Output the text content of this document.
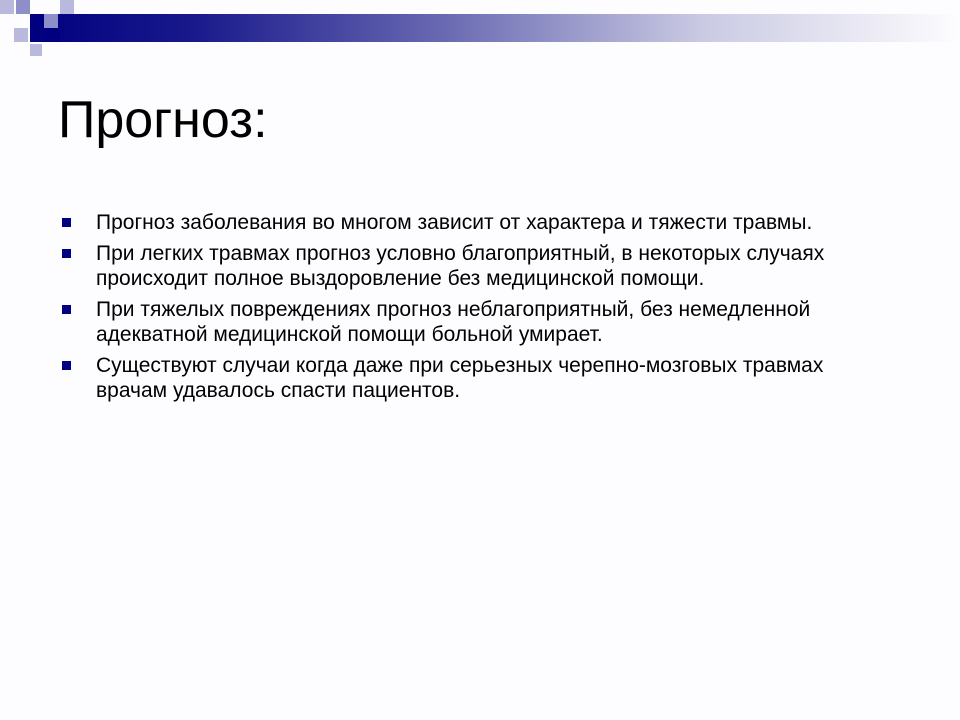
Прогноз:
Прогноз заболевания во многом зависит от характера и тяжести травмы.
При легких травмах прогноз условно благоприятный, в некоторых случаях происходит полное выздоровление без медицинской помощи.
При тяжелых повреждениях прогноз неблагоприятный, без немедленной адекватной медицинской помощи больной умирает.
Существуют случаи когда даже при серьезных черепно-мозговых травмах врачам удавалось спасти пациентов.
